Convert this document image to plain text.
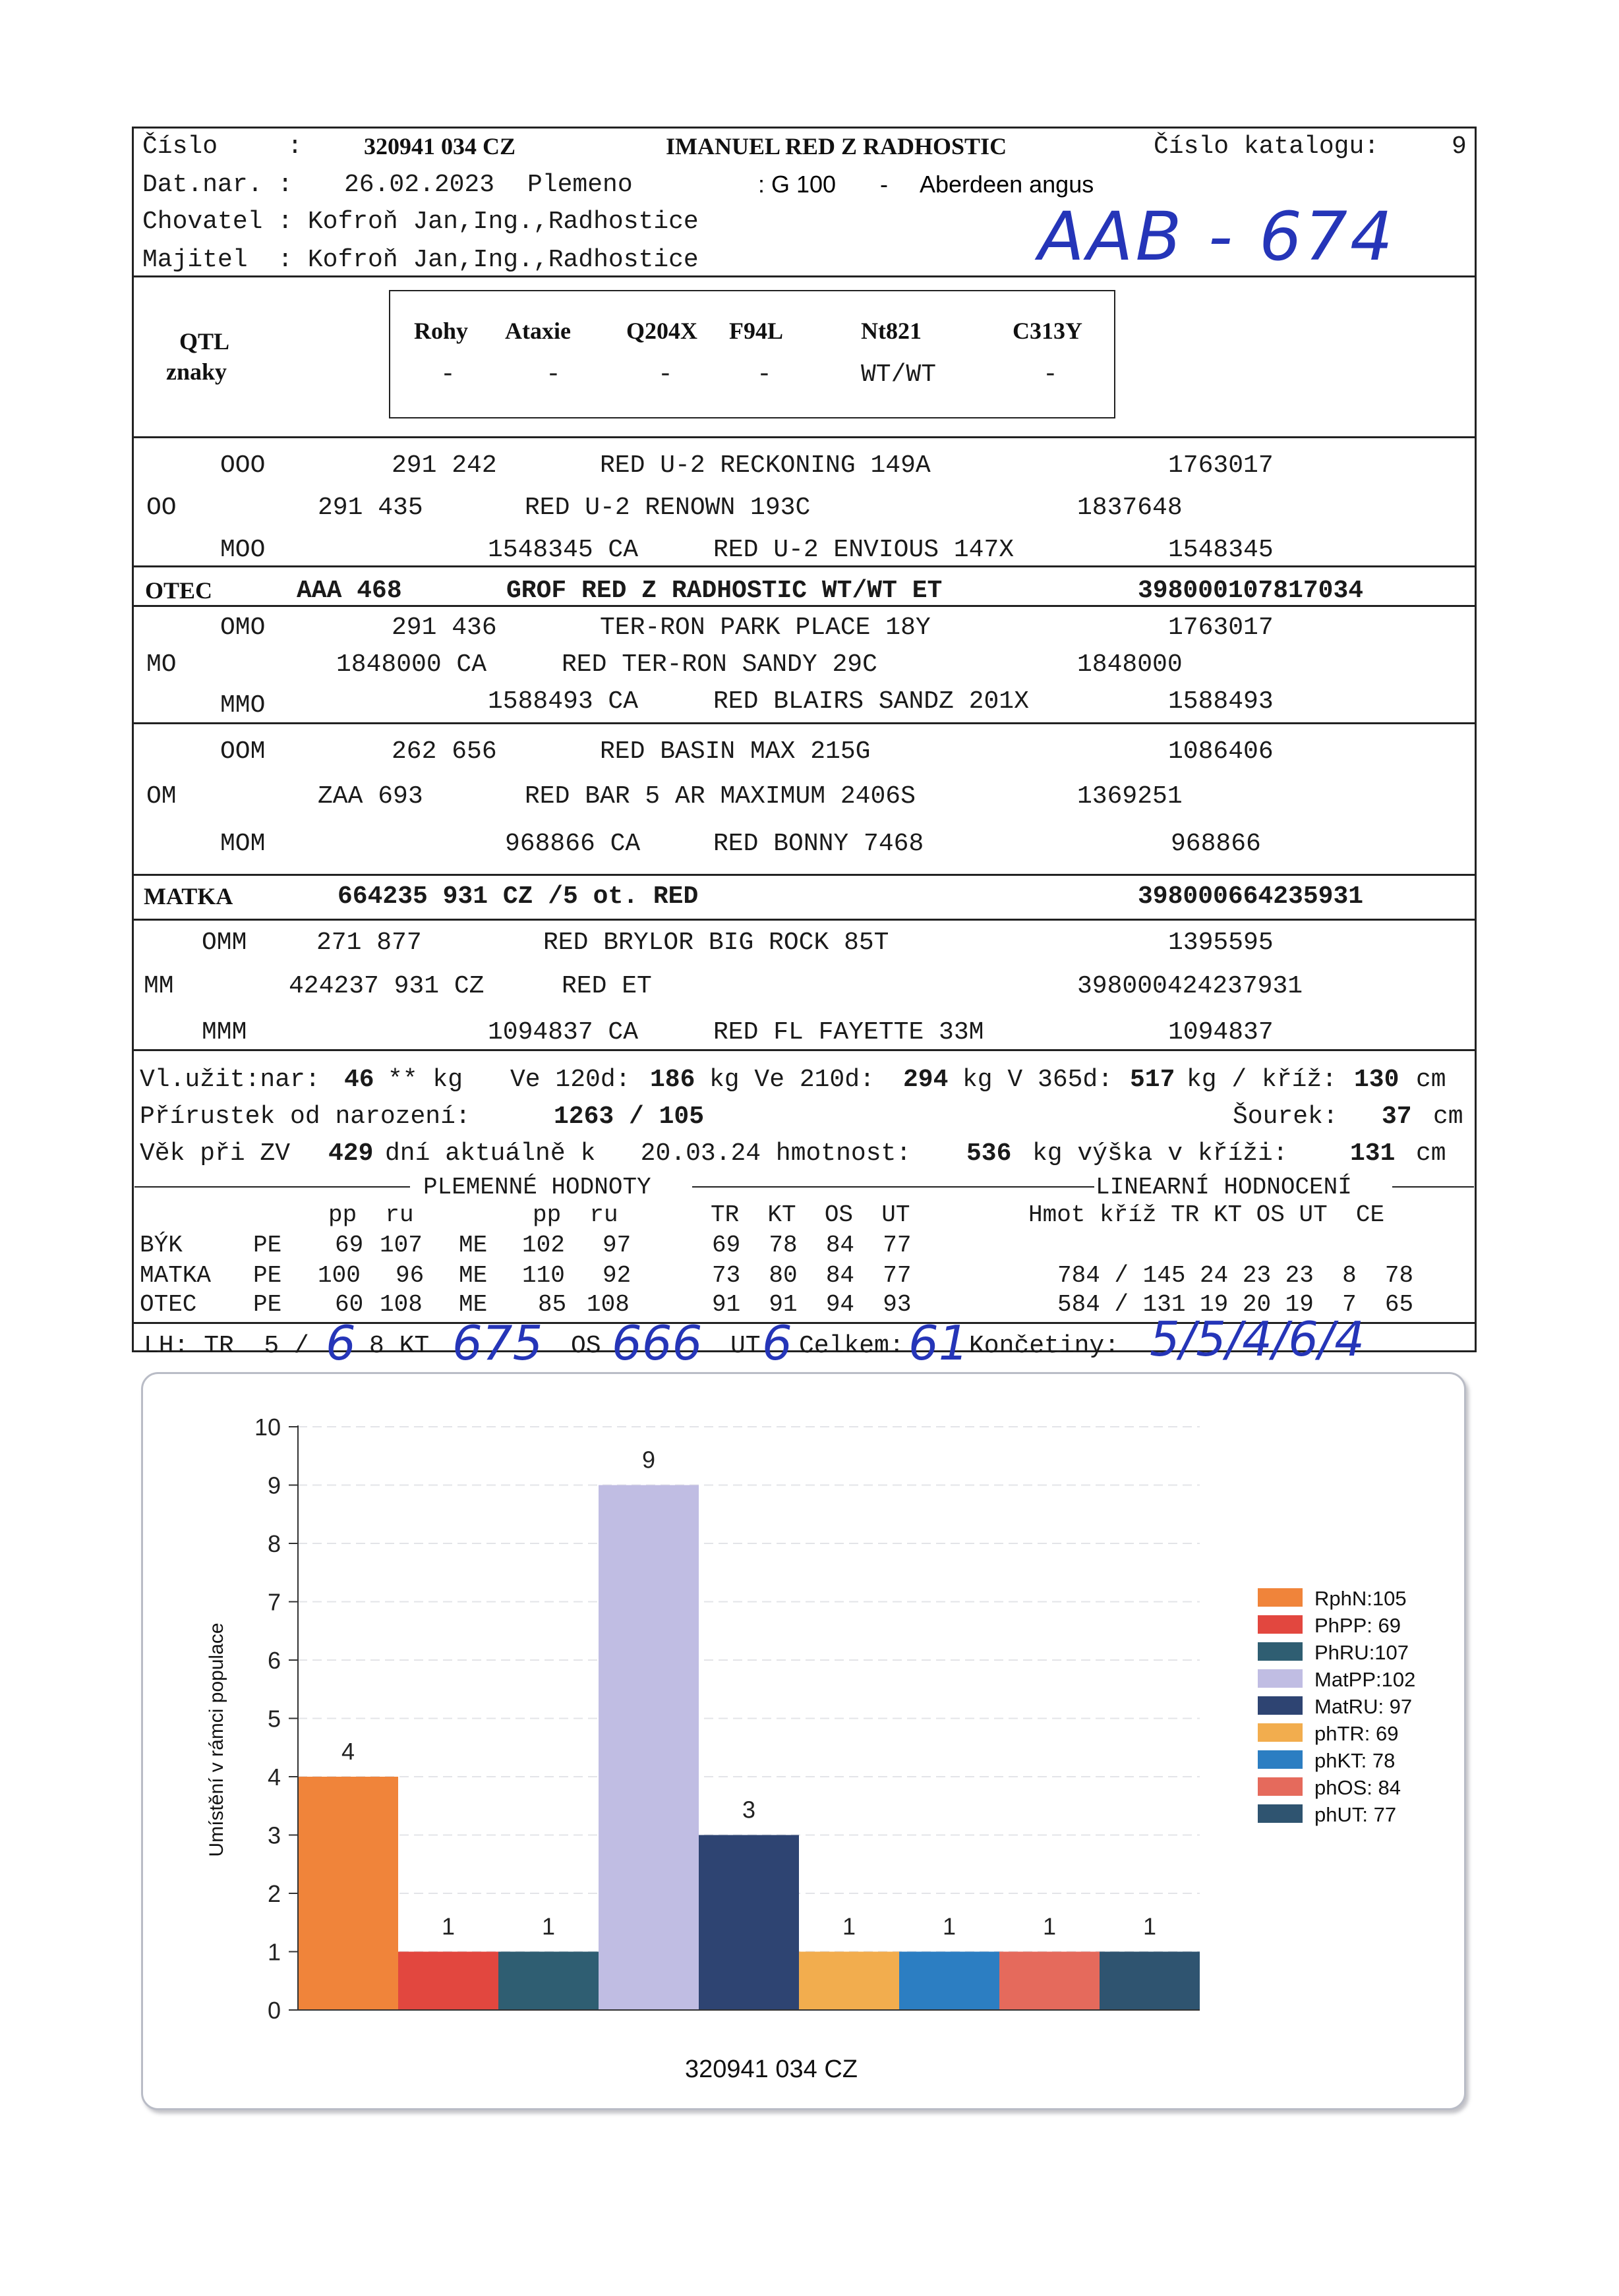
Číslo	:	320941 034 CZ	IMANUEL RED Z RADHOSTIC	Číslo katalogu:	9
Dat.nar. : 26.02.2023 Plemeno	: G 100 - Aberdeen angus
Chovatel : Kofroň Jan,Ing.,Radhostice
Majitel  : Kofroň Jan,Ing.,Radhostice	AAB - 674
QTL
znaky
Rohy Ataxie Q204X F94L	Nt821	C313Y
-	-	-	-	WT/WT	-
OOO	291 242	RED U-2 RECKONING 149A	1763017
OO	291 435	RED U-2 RENOWN 193C	1837648
MOO	1548345 CA	RED U-2 ENVIOUS 147X	1548345
OTEC	AAA 468	GROF RED Z RADHOSTIC WT/WT ET	398000107817034
OMO	291 436	TER-RON PARK PLACE 18Y	1763017
MO	1848000 CA	RED TER-RON SANDY 29C	1848000
MMO	1588493 CA	RED BLAIRS SANDZ 201X	1588493
OOM	262 656	RED BASIN MAX 215G	1086406
OM	ZAA 693	RED BAR 5 AR MAXIMUM 2406S	1369251
MOM	968866 CA	RED BONNY 7468	968866
MATKA	664235 931 CZ /5 ot. RED	398000664235931
OMM	271 877	RED BRYLOR BIG ROCK 85T	1395595
MM	424237 931 CZ	RED ET	398000424237931
MMM	1094837 CA	RED FL FAYETTE 33M	1094837
Vl.užit:nar: 46 ** kg Ve 120d: 186 kg Ve 210d: 294 kg V 365d: 517 kg / kříž: 130 cm
Přírustek od narození:	1263 / 105	Šourek: 37 cm
Věk při ZV 429 dní aktuálně k   20.03.24 hmotnost: 536 kg výška v kříži: 131 cm
PLEMENNÉ HODNOTY	LINEARNÍ HODNOCENÍ
pp  ru	pp  ru	TR  KT  OS  UT	Hmot kříž TR KT OS UT  CE
BÝK	PE 69 107 ME 102 97	69  78  84  77
MATKA PE 100 96 ME 110 92	73  80  84  77	784 / 145 24 23 23  8  78
OTEC PE 60 108 ME 85 108	91  91  94  93	584 / 131 19 20 19  7  65
LH: TR  5 / 6 8 KT 675 OS 666 UT 6 Celkem: 61 Končetiny: 5/5/4/6/4
4
1	1
9
3
1	1	1	1
0
1
2
3
4
5
6
7
8
9
10
RphN:105
PhPP: 69
PhRU:107
MatPP:102
MatRU: 97
phTR: 69
phKT: 78
phOS: 84
phUT: 77
Umístění v rámci populace
320941 034 CZ
